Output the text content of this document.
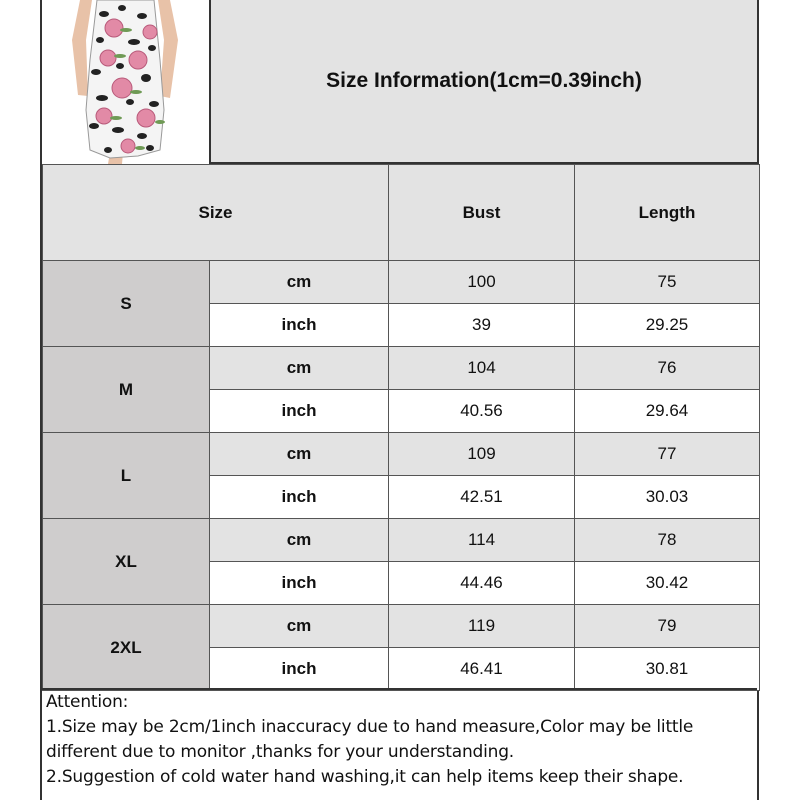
Size Information(1cm=0.39inch)
Size		Bust	Length
S	cm	100	75
	inch	39	29.25
M	cm	104	76
	inch	40.56	29.64
L	cm	109	77
	inch	42.51	30.03
XL	cm	114	78
	inch	44.46	30.42
2XL	cm	119	79
	inch	46.41	30.81
Attention:
1.Size may be 2cm/1inch inaccuracy due to hand measure,Color may be little
different due to monitor ,thanks for your understanding.
2.Suggestion of cold water hand washing,it can help items keep their shape.
